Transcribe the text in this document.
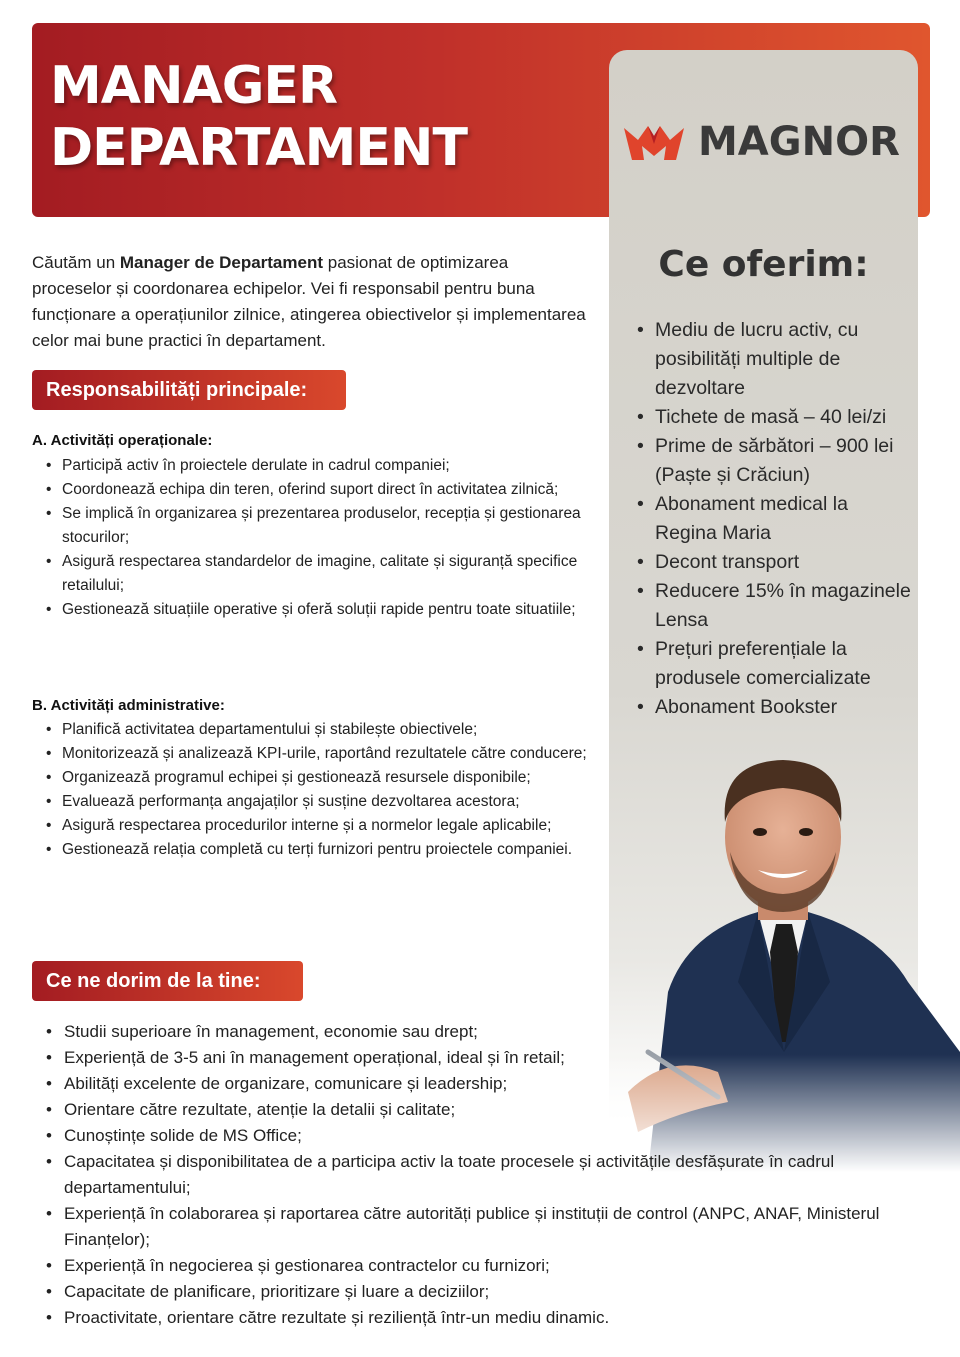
MANAGER
DEPARTAMENT	MAGNOR
Ce oferim:
• Mediu de lucru activ, cu posibilități multiple de dezvoltare
• Tichete de masă – 40 lei/zi
• Prime de sărbători – 900 lei (Paște și Crăciun)
• Abonament medical la Regina Maria
• Decont transport
• Reducere 15% în magazinele Lensa
• Prețuri preferențiale la produsele comercializate
• Abonament Bookster

Căutăm un Manager de Departament pasionat de optimizarea proceselor și coordonarea echipelor. Vei fi responsabil pentru buna funcționare a operațiunilor zilnice, atingerea obiectivelor și implementarea celor mai bune practici în departament.

Responsabilități principale:
A. Activități operaționale:
• Participă activ în proiectele derulate in cadrul companiei;
• Coordonează echipa din teren, oferind suport direct în activitatea zilnică;
• Se implică în organizarea și prezentarea produselor, recepția și gestionarea stocurilor;
• Asigură respectarea standardelor de imagine, calitate și siguranță specifice retailului;
• Gestionează situațiile operative și oferă soluții rapide pentru toate situatiile;
B. Activități administrative:
• Planifică activitatea departamentului și stabilește obiectivele;
• Monitorizează și analizează KPI-urile, raportând rezultatele către conducere;
• Organizează programul echipei și gestionează resursele disponibile;
• Evaluează performanța angajaților și susține dezvoltarea acestora;
• Asigură respectarea procedurilor interne și a normelor legale aplicabile;
• Gestionează relația completă cu terți furnizori pentru proiectele companiei.
Ce ne dorim de la tine:
• Studii superioare în management, economie sau drept;
• Experiență de 3-5 ani în management operațional, ideal și în retail;
• Abilități excelente de organizare, comunicare și leadership;
• Orientare către rezultate, atenție la detalii și calitate;
• Cunoștințe solide de MS Office;
• Capacitatea și disponibilitatea de a participa activ la toate procesele și activitățile desfășurate în cadrul departamentului;
• Experiență în colaborarea și raportarea către autorități publice și instituții de control (ANPC, ANAF, Ministerul Finanțelor);
• Experiență în negocierea și gestionarea contractelor cu furnizori;
• Capacitate de planificare, prioritizare și luare a deciziilor;
• Proactivitate, orientare către rezultate și reziliență într-un mediu dinamic.
